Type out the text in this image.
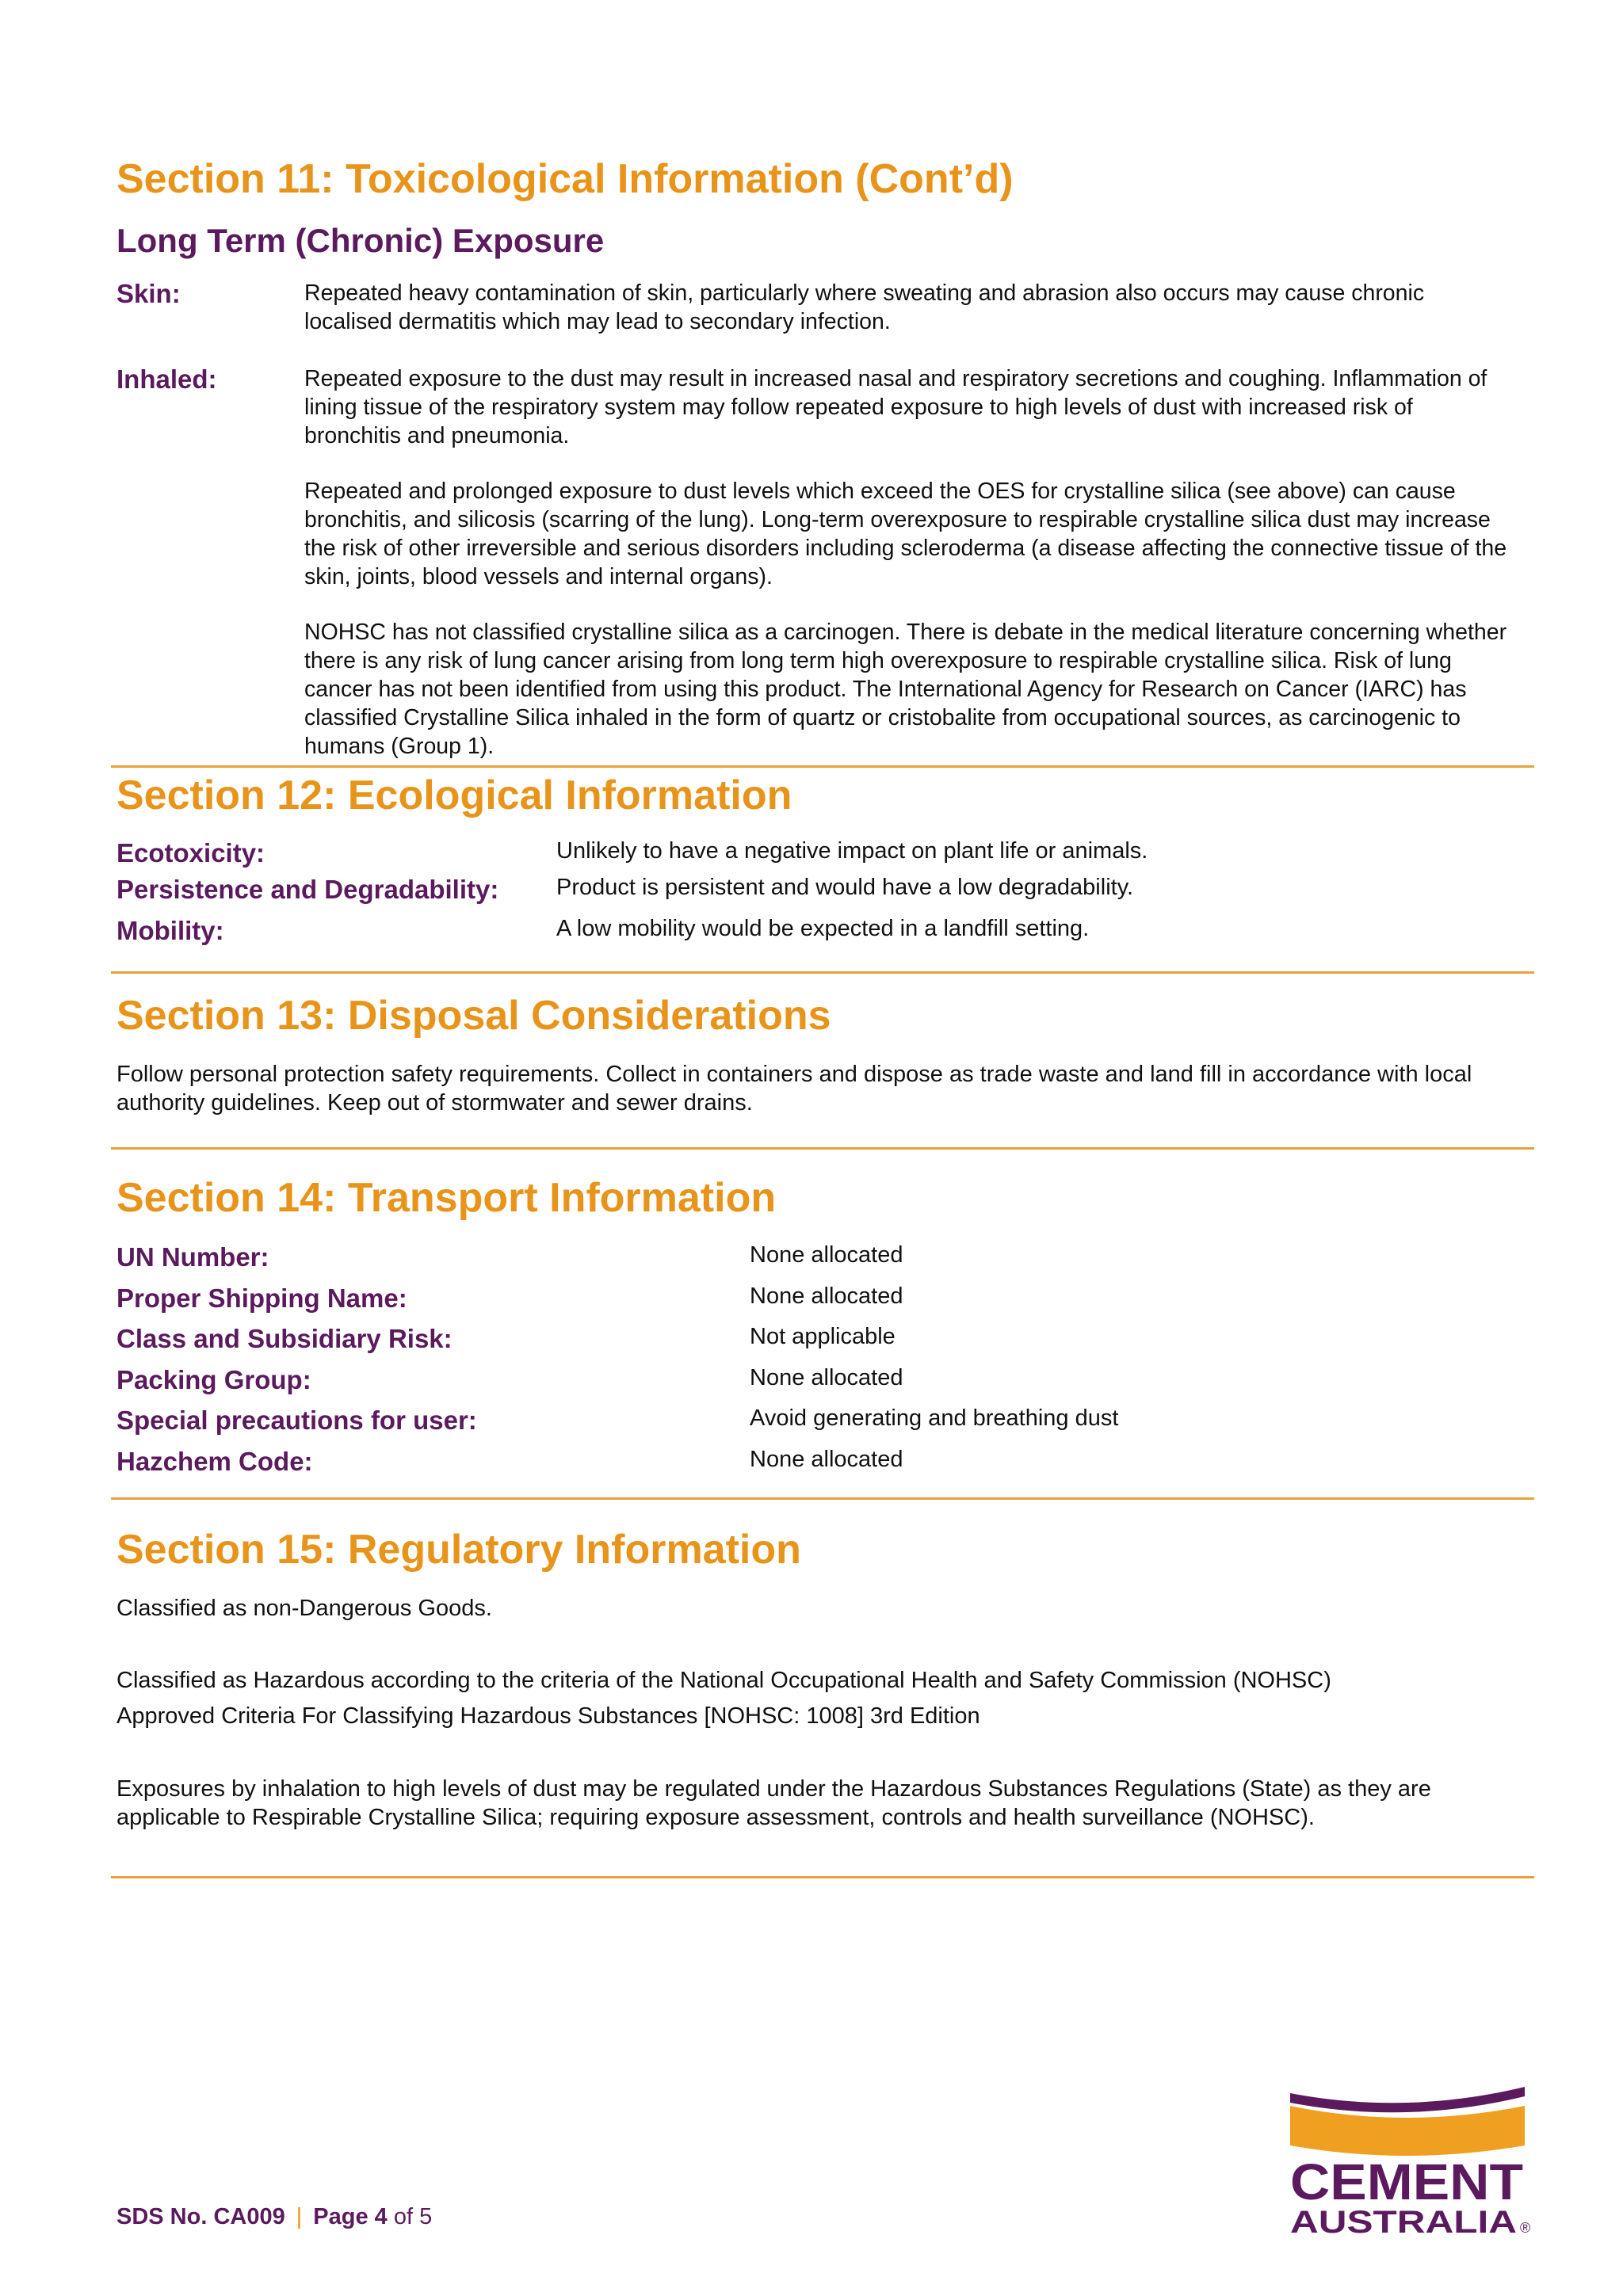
Section 11: Toxicological Information (Cont’d)
Long Term (Chronic) Exposure
Skin:	Repeated heavy contamination of skin, particularly where sweating and abrasion also occurs may cause chronic localised dermatitis which may lead to secondary infection.

Inhaled:	Repeated exposure to the dust may result in increased nasal and respiratory secretions and coughing. Inflammation of lining tissue of the respiratory system may follow repeated exposure to high levels of dust with increased risk of bronchitis and pneumonia.

Repeated and prolonged exposure to dust levels which exceed the OES for crystalline silica (see above) can cause bronchitis, and silicosis (scarring of the lung). Long-term overexposure to respirable crystalline silica dust may increase the risk of other irreversible and serious disorders including scleroderma (a disease affecting the connective tissue of the skin, joints, blood vessels and internal organs).

NOHSC has not classified crystalline silica as a carcinogen. There is debate in the medical literature concerning whether there is any risk of lung cancer arising from long term high overexposure to respirable crystalline silica. Risk of lung cancer has not been identified from using this product. The International Agency for Research on Cancer (IARC) has classified Crystalline Silica inhaled in the form of quartz or cristobalite from occupational sources, as carcinogenic to humans (Group 1).

Section 12: Ecological Information
Ecotoxicity:	Unlikely to have a negative impact on plant life or animals.
Persistence and Degradability:	Product is persistent and would have a low degradability.
Mobility:	A low mobility would be expected in a landfill setting.
Section 13: Disposal Considerations

Follow personal protection safety requirements. Collect in containers and dispose as trade waste and land fill in accordance with local authority guidelines. Keep out of stormwater and sewer drains.

Section 14: Transport Information
UN Number:	None allocated
Proper Shipping Name:	None allocated
Class and Subsidiary Risk:	Not applicable
Packing Group:	None allocated
Special precautions for user:	Avoid generating and breathing dust
Hazchem Code:	None allocated
Section 15: Regulatory Information

Classified as non-Dangerous Goods.

Classified as Hazardous according to the criteria of the National Occupational Health and Safety Commission (NOHSC)

Approved Criteria For Classifying Hazardous Substances [NOHSC: 1008] 3rd Edition

Exposures by inhalation to high levels of dust may be regulated under the Hazardous Substances Regulations (State) as they are applicable to Respirable Crystalline Silica; requiring exposure assessment, controls and health surveillance (NOHSC).

SDS No. CA009 | Page 4 of 5
CEMENT
AUSTRALIA ®
